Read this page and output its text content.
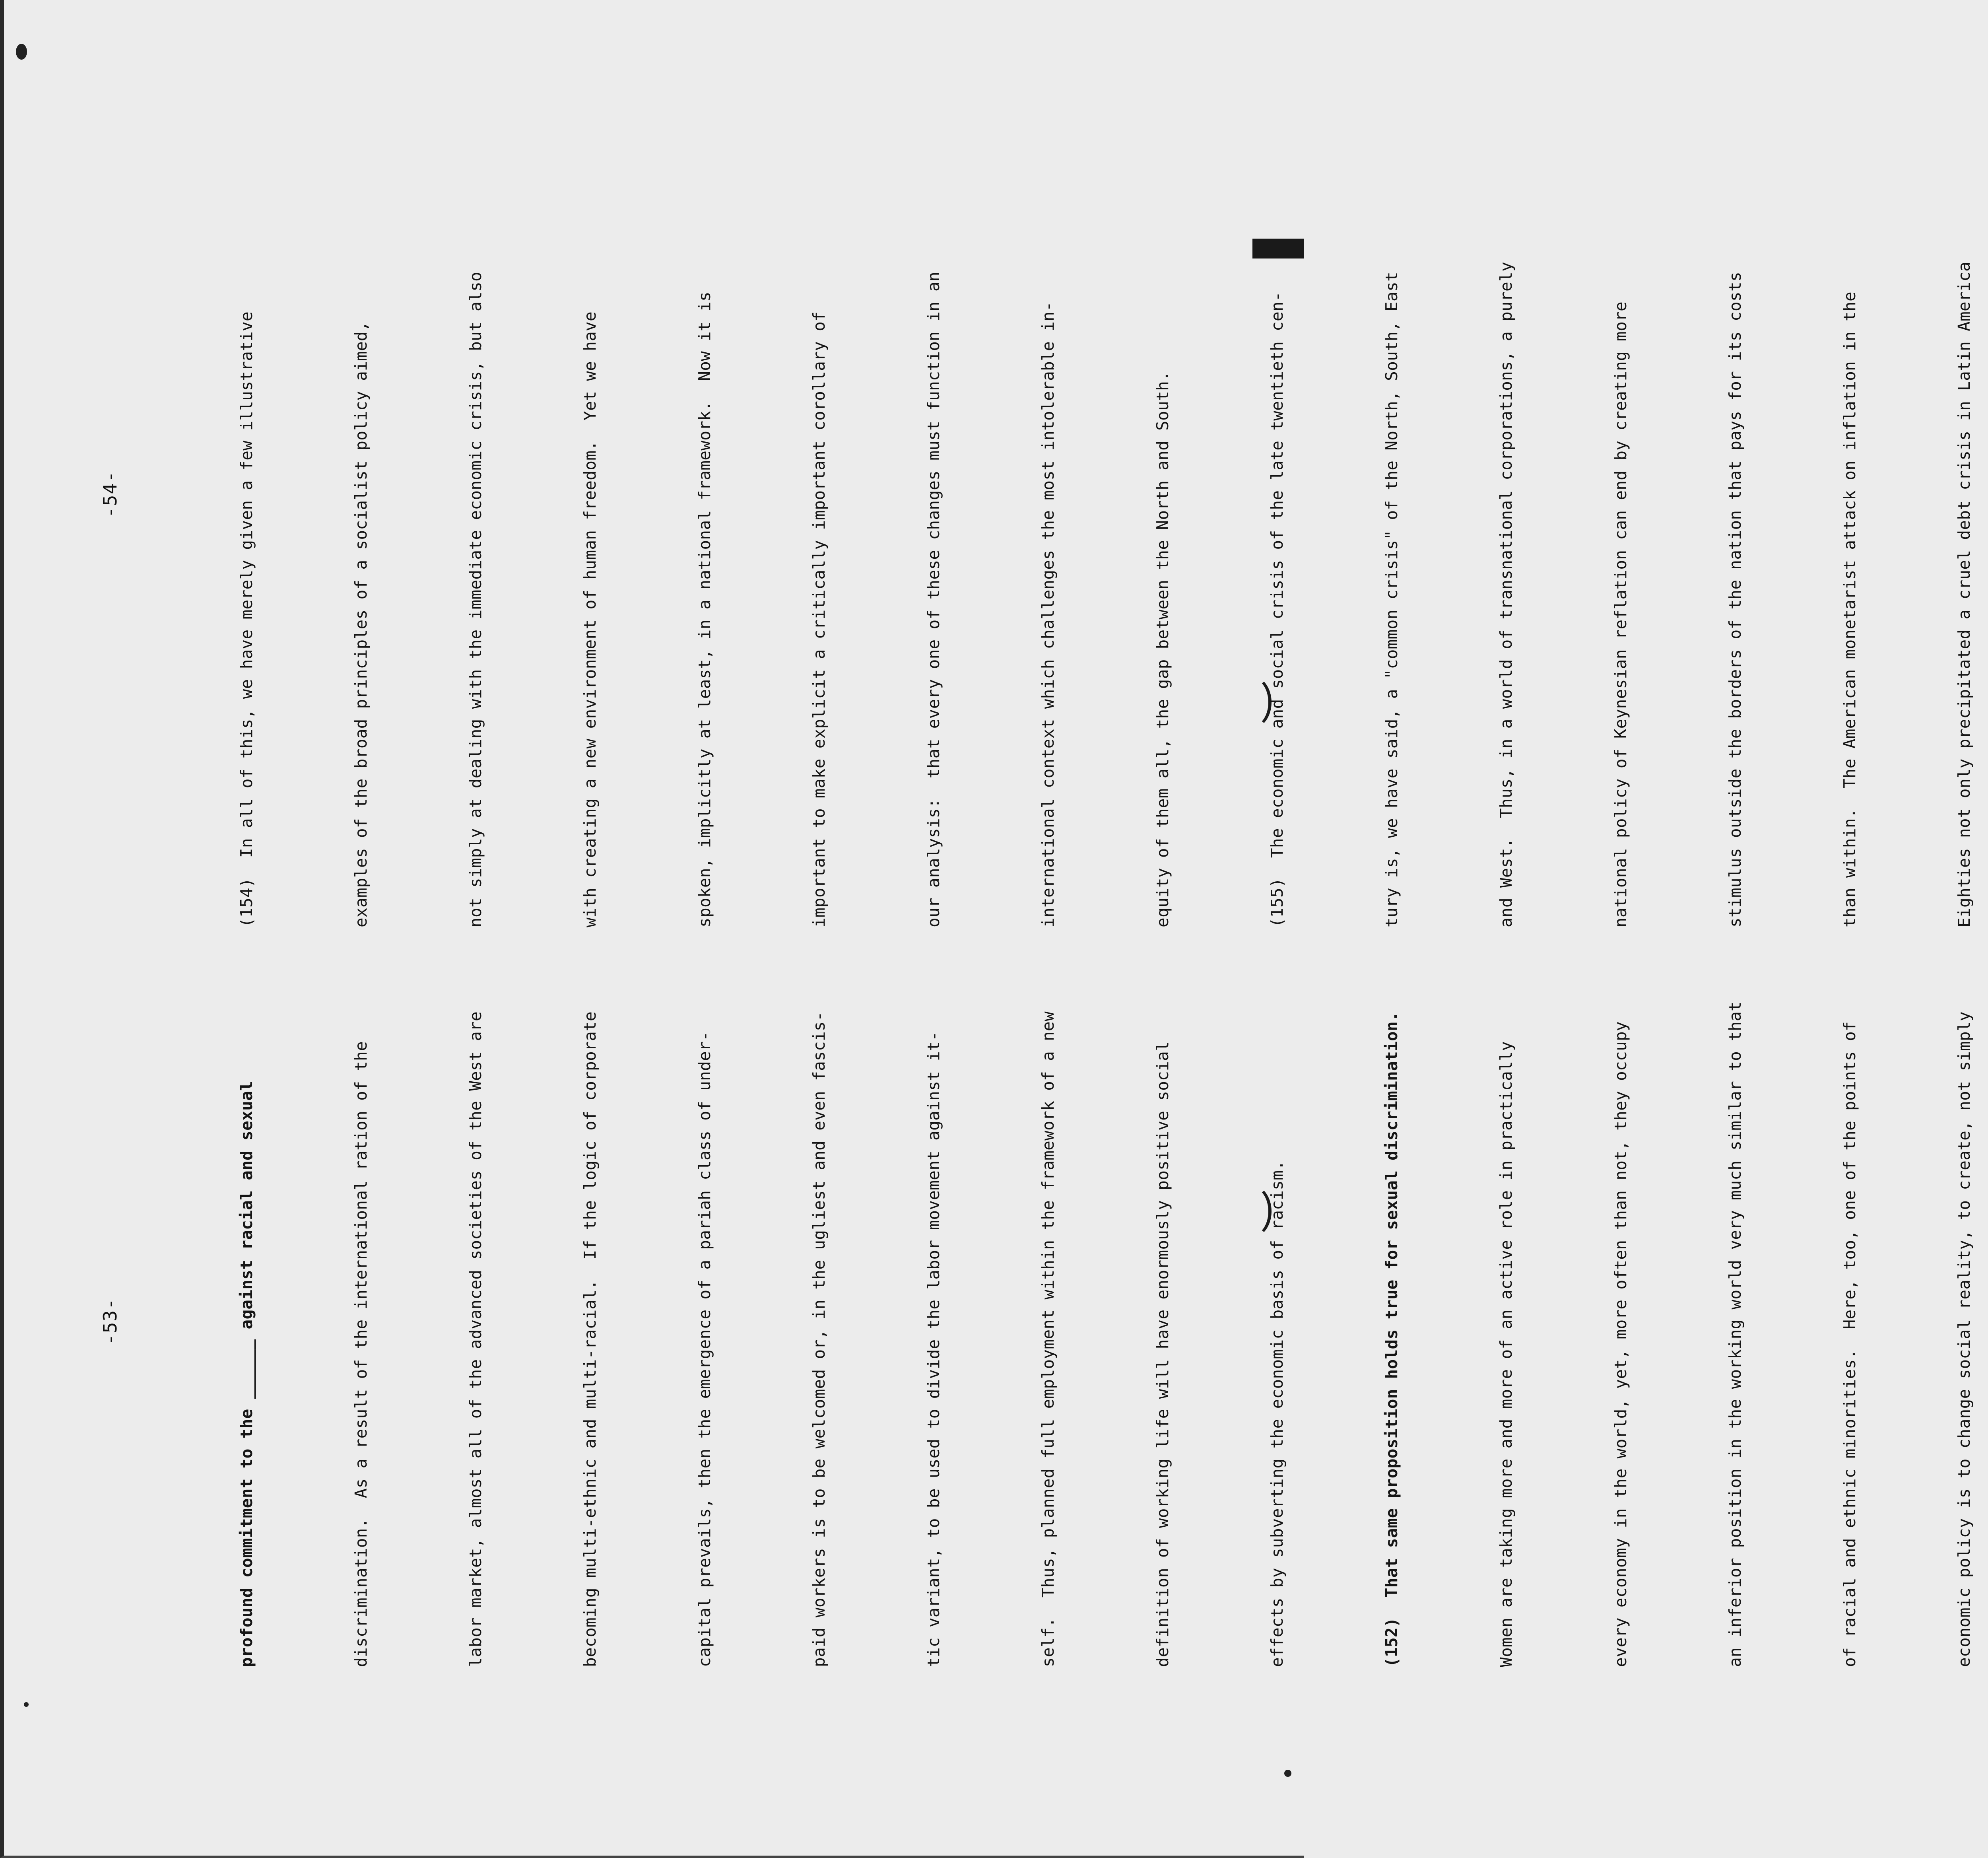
-53-
-54-

profound commitment to the ______ against racial and sexual

	discrimination.  As a result of the international ration of the

	labor market, almost all of the advanced societies of the West are

	becoming multi-ethnic and multi-racial.  If the logic of corporate

	capital prevails, then the emergence of a pariah class of under-

	paid workers is to be welcomed or, in the ugliest and even fascis-

	tic variant, to be used to divide the labor movement against it-

	self.  Thus, planned full employment within the framework of a new

	definition of working life will have enormously positive social

	effects by subverting the economic basis of racism.

	(152)  That same proposition holds true for sexual discrimination.

	Women are taking more and more of an active role in practically

	every economy in the world, yet, more often than not, they occupy

	an inferior position in the working world very much similar to that

	of racial and ethnic minorities.  Here, too, one of the points of

	economic policy is to change social reality, to create, not simply

(154)  In all of this, we have merely given a few illustrative

	examples of the broad principles of a socialist policy aimed,

	not simply at dealing with the immediate economic crisis, but also

	with creating a new environment of human freedom.  Yet we have

	spoken, implicitly at least, in a national framework.  Now it is

	important to make explicit a critically important corollary of

	our analysis:  that every one of these changes must function in an

	international context which challenges the most intolerable in-

	equity of them all, the gap between the North and South.

	(155)  The economic and social crisis of the late twentieth cen-

	tury is, we have said, a "common crisis" of the North, South, East

	and West.  Thus, in a world of transnational corporations, a purely

	national policy of Keynesian reflation can end by creating more

	stimulus outside the borders of the nation that pays for its costs

	than within.  The American monetarist attack on inflation in the

	Eighties not only precipitated a cruel debt crisis in Latin America
